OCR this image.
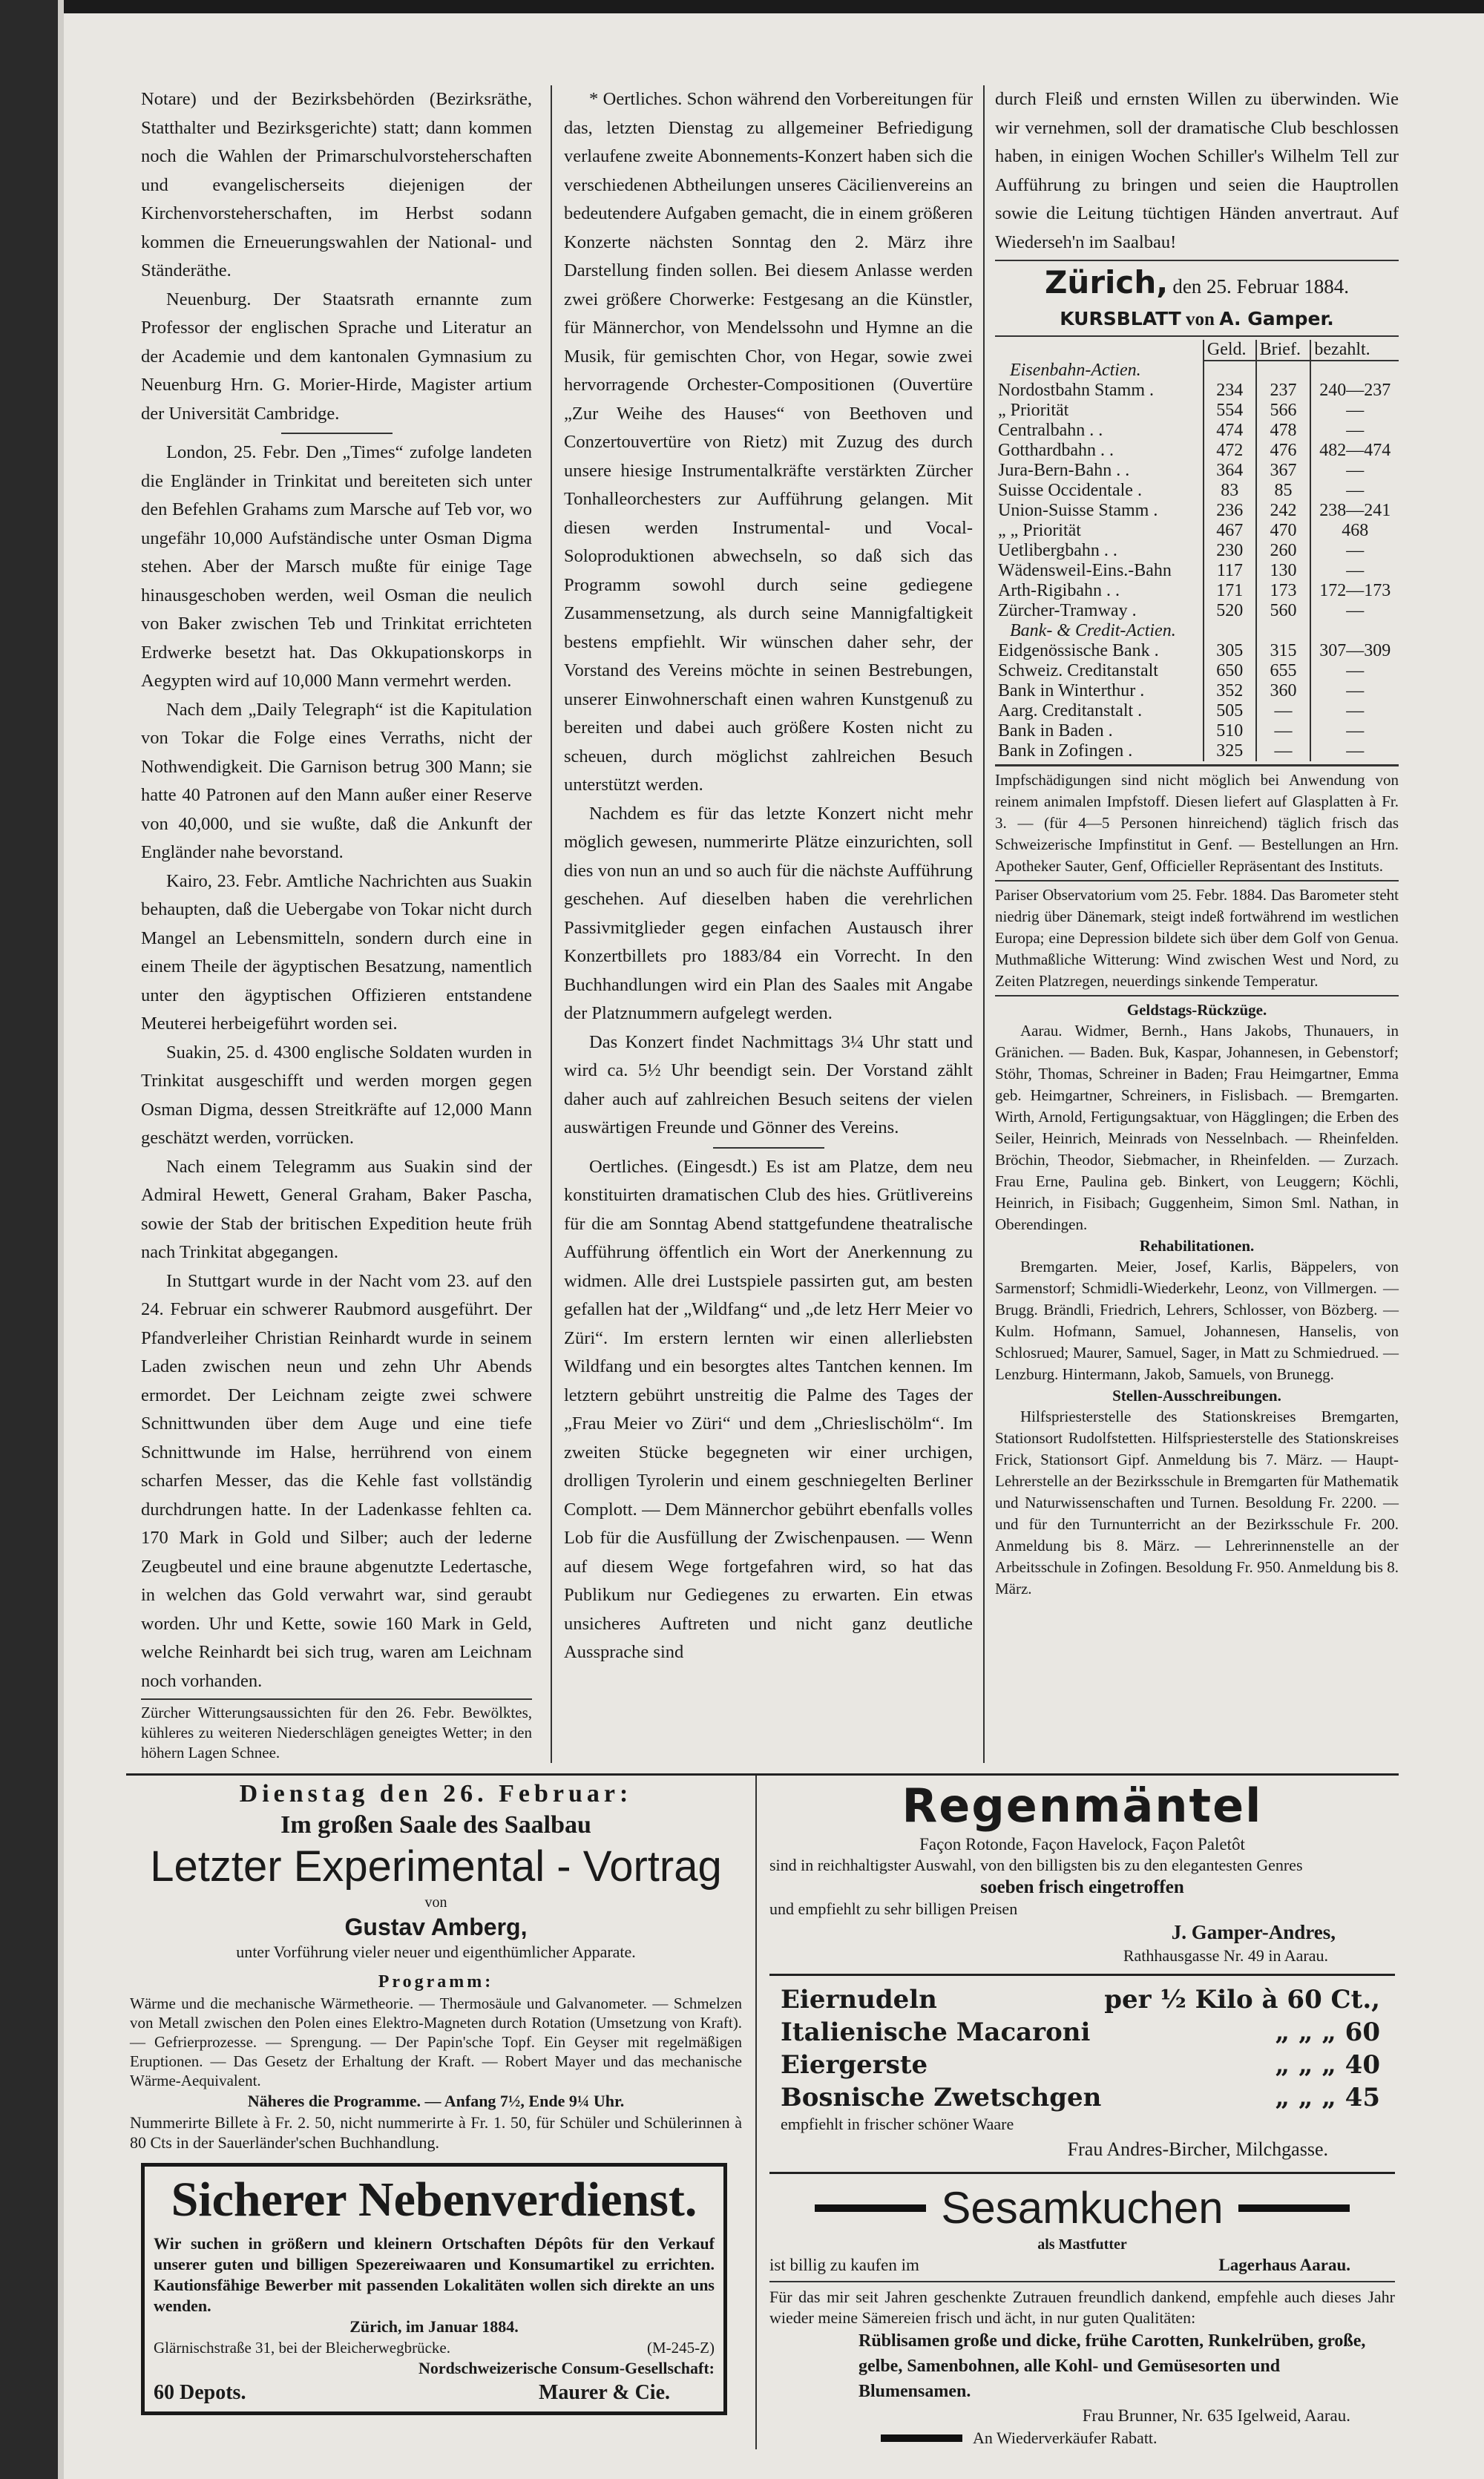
Notare) und der Bezirksbehörden (Bezirksräthe, Statthalter und Bezirksgerichte) statt; dann kommen noch die Wahlen der Primarschulvorsteherschaften und evangelischerseits diejenigen der Kirchenvorsteherschaften, im Herbst sodann kommen die Erneuerungswahlen der National- und Ständeräthe.

Neuenburg. Der Staatsrath ernannte zum Professor der englischen Sprache und Literatur an der Academie und dem kantonalen Gymnasium zu Neuenburg Hrn. G. Morier-Hirde, Magister artium der Universität Cambridge.

London, 25. Febr. Den „Times“ zufolge landeten die Engländer in Trinkitat und bereiteten sich unter den Befehlen Grahams zum Marsche auf Teb vor, wo ungefähr 10,000 Aufständische unter Osman Digma stehen. Aber der Marsch mußte für einige Tage hinausgeschoben werden, weil Osman die neulich von Baker zwischen Teb und Trinkitat errichteten Erdwerke besetzt hat. Das Okkupationskorps in Aegypten wird auf 10,000 Mann vermehrt werden.

Nach dem „Daily Telegraph“ ist die Kapitulation von Tokar die Folge eines Verraths, nicht der Nothwendigkeit. Die Garnison betrug 300 Mann; sie hatte 40 Patronen auf den Mann außer einer Reserve von 40,000, und sie wußte, daß die Ankunft der Engländer nahe bevorstand.

Kairo, 23. Febr. Amtliche Nachrichten aus Suakin behaupten, daß die Uebergabe von Tokar nicht durch Mangel an Lebensmitteln, sondern durch eine in einem Theile der ägyptischen Besatzung, namentlich unter den ägyptischen Offizieren entstandene Meuterei herbeigeführt worden sei.

Suakin, 25. d. 4300 englische Soldaten wurden in Trinkitat ausgeschifft und werden morgen gegen Osman Digma, dessen Streitkräfte auf 12,000 Mann geschätzt werden, vorrücken.

Nach einem Telegramm aus Suakin sind der Admiral Hewett, General Graham, Baker Pascha, sowie der Stab der britischen Expedition heute früh nach Trinkitat abgegangen.

In Stuttgart wurde in der Nacht vom 23. auf den 24. Februar ein schwerer Raubmord ausgeführt. Der Pfandverleiher Christian Reinhardt wurde in seinem Laden zwischen neun und zehn Uhr Abends ermordet. Der Leichnam zeigte zwei schwere Schnittwunden über dem Auge und eine tiefe Schnittwunde im Halse, herrührend von einem scharfen Messer, das die Kehle fast vollständig durchdrungen hatte. In der Ladenkasse fehlten ca. 170 Mark in Gold und Silber; auch der lederne Zeugbeutel und eine braune abgenutzte Ledertasche, in welchen das Gold verwahrt war, sind geraubt worden. Uhr und Kette, sowie 160 Mark in Geld, welche Reinhardt bei sich trug, waren am Leichnam noch vorhanden.

Zürcher Witterungsaussichten für den 26. Febr. Bewölktes, kühleres zu weiteren Niederschlägen geneigtes Wetter; in den höhern Lagen Schnee.

* Oertliches. Schon während den Vorbereitungen für das, letzten Dienstag zu allgemeiner Befriedigung verlaufene zweite Abonnements-Konzert haben sich die verschiedenen Abtheilungen unseres Cäcilienvereins an bedeutendere Aufgaben gemacht, die in einem größeren Konzerte nächsten Sonntag den 2. März ihre Darstellung finden sollen. Bei diesem Anlasse werden zwei größere Chorwerke: Festgesang an die Künstler, für Männerchor, von Mendelssohn und Hymne an die Musik, für gemischten Chor, von Hegar, sowie zwei hervorragende Orchester-Compositionen (Ouvertüre „Zur Weihe des Hauses“ von Beethoven und Conzertouvertüre von Rietz) mit Zuzug des durch unsere hiesige Instrumentalkräfte verstärkten Zürcher Tonhalleorchesters zur Aufführung gelangen. Mit diesen werden Instrumental- und Vocal-Soloproduktionen abwechseln, so daß sich das Programm sowohl durch seine gediegene Zusammensetzung, als durch seine Mannigfaltigkeit bestens empfiehlt. Wir wünschen daher sehr, der Vorstand des Vereins möchte in seinen Bestrebungen, unserer Einwohnerschaft einen wahren Kunstgenuß zu bereiten und dabei auch größere Kosten nicht zu scheuen, durch möglichst zahlreichen Besuch unterstützt werden.

Nachdem es für das letzte Konzert nicht mehr möglich gewesen, nummerirte Plätze einzurichten, soll dies von nun an und so auch für die nächste Aufführung geschehen. Auf dieselben haben die verehrlichen Passivmitglieder gegen einfachen Austausch ihrer Konzertbillets pro 1883/84 ein Vorrecht. In den Buchhandlungen wird ein Plan des Saales mit Angabe der Platznummern aufgelegt werden.

Das Konzert findet Nachmittags 3¼ Uhr statt und wird ca. 5½ Uhr beendigt sein. Der Vorstand zählt daher auch auf zahlreichen Besuch seitens der vielen auswärtigen Freunde und Gönner des Vereins.

Oertliches. (Eingesdt.) Es ist am Platze, dem neu konstituirten dramatischen Club des hies. Grütlivereins für die am Sonntag Abend stattgefundene theatralische Aufführung öffentlich ein Wort der Anerkennung zu widmen. Alle drei Lustspiele passirten gut, am besten gefallen hat der „Wildfang“ und „de letz Herr Meier vo Züri“. Im erstern lernten wir einen allerliebsten Wildfang und ein besorgtes altes Tantchen kennen. Im letztern gebührt unstreitig die Palme des Tages der „Frau Meier vo Züri“ und dem „Chrieslischölm“. Im zweiten Stücke begegneten wir einer urchigen, drolligen Tyrolerin und einem geschniegelten Berliner Complott. — Dem Männerchor gebührt ebenfalls volles Lob für die Ausfüllung der Zwischenpausen. — Wenn auf diesem Wege fortgefahren wird, so hat das Publikum nur Gediegenes zu erwarten. Ein etwas unsicheres Auftreten und nicht ganz deutliche Aussprache sind

durch Fleiß und ernsten Willen zu überwinden. Wie wir vernehmen, soll der dramatische Club beschlossen haben, in einigen Wochen Schiller's Wilhelm Tell zur Aufführung zu bringen und seien die Hauptrollen sowie die Leitung tüchtigen Händen anvertraut. Auf Wiederseh'n im Saalbau!

Zürich, den 25. Februar 1884.
KURSBLATT von A. Gamper.
	Geld.	Brief.	bezahlt.
Eisenbahn-Actien.			
Nordostbahn Stamm .	234	237	240—237
„ Priorität	554	566	—
Centralbahn . .	474	478	—
Gotthardbahn . .	472	476	482—474
Jura-Bern-Bahn . .	364	367	—
Suisse Occidentale .	83	85	—
Union-Suisse Stamm .	236	242	238—241
„ „ Priorität	467	470	468
Uetlibergbahn . .	230	260	—
Wädensweil-Eins.-Bahn	117	130	—
Arth-Rigibahn . .	171	173	172—173
Zürcher-Tramway .	520	560	—
Bank- & Credit-Actien.			
Eidgenössische Bank .	305	315	307—309
Schweiz. Creditanstalt	650	655	—
Bank in Winterthur .	352	360	—
Aarg. Creditanstalt .	505	—	—
Bank in Baden .	510	—	—
Bank in Zofingen .	325	—	—

Impfschädigungen sind nicht möglich bei Anwendung von reinem animalen Impfstoff. Diesen liefert auf Glasplatten à Fr. 3. — (für 4—5 Personen hinreichend) täglich frisch das Schweizerische Impfinstitut in Genf. — Bestellungen an Hrn. Apotheker Sauter, Genf, Officieller Repräsentant des Instituts.

Pariser Observatorium vom 25. Febr. 1884. Das Barometer steht niedrig über Dänemark, steigt indeß fortwährend im westlichen Europa; eine Depression bildete sich über dem Golf von Genua. Muthmaßliche Witterung: Wind zwischen West und Nord, zu Zeiten Platzregen, neuerdings sinkende Temperatur.

Geldstags-Rückzüge.

Aarau. Widmer, Bernh., Hans Jakobs, Thunauers, in Gränichen. — Baden. Buk, Kaspar, Johannesen, in Gebenstorf; Stöhr, Thomas, Schreiner in Baden; Frau Heimgartner, Emma geb. Heimgartner, Schreiners, in Fislisbach. — Bremgarten. Wirth, Arnold, Fertigungsaktuar, von Hägglingen; die Erben des Seiler, Heinrich, Meinrads von Nesselnbach. — Rheinfelden. Bröchin, Theodor, Siebmacher, in Rheinfelden. — Zurzach. Frau Erne, Paulina geb. Binkert, von Leuggern; Köchli, Heinrich, in Fisibach; Guggenheim, Simon Sml. Nathan, in Oberendingen.

Rehabilitationen.

Bremgarten. Meier, Josef, Karlis, Bäppelers, von Sarmenstorf; Schmidli-Wiederkehr, Leonz, von Villmergen. — Brugg. Brändli, Friedrich, Lehrers, Schlosser, von Bözberg. — Kulm. Hofmann, Samuel, Johannesen, Hanselis, von Schlosrued; Maurer, Samuel, Sager, in Matt zu Schmiedrued. — Lenzburg. Hintermann, Jakob, Samuels, von Brunegg.

Stellen-Ausschreibungen.

Hilfspriesterstelle des Stationskreises Bremgarten, Stationsort Rudolfstetten. Hilfspriesterstelle des Stationskreises Frick, Stationsort Gipf. Anmeldung bis 7. März. — Haupt-Lehrerstelle an der Bezirksschule in Bremgarten für Mathematik und Naturwissenschaften und Turnen. Besoldung Fr. 2200. — und für den Turnunterricht an der Bezirksschule Fr. 200. Anmeldung bis 8. März. — Lehrerinnenstelle an der Arbeitsschule in Zofingen. Besoldung Fr. 950. Anmeldung bis 8. März.

Dienstag den 26. Februar:
Im großen Saale des Saalbau
Letzter Experimental - Vortrag
von
Gustav Amberg,
unter Vorführung vieler neuer und eigenthümlicher Apparate.
Programm:
Wärme und die mechanische Wärmetheorie. — Thermosäule und Galvanometer. — Schmelzen von Metall zwischen den Polen eines Elektro-Magneten durch Rotation (Umsetzung von Kraft). — Gefrierprozesse. — Sprengung. — Der Papin'sche Topf. Ein Geyser mit regelmäßigen Eruptionen. — Das Gesetz der Erhaltung der Kraft. — Robert Mayer und das mechanische Wärme-Aequivalent.
Näheres die Programme. — Anfang 7½, Ende 9¼ Uhr.
Nummerirte Billete à Fr. 2. 50, nicht nummerirte à Fr. 1. 50, für Schüler und Schülerinnen à 80 Cts in der Sauerländer'schen Buchhandlung.
Sicherer Nebenverdienst.
Wir suchen in größern und kleinern Ortschaften Dépôts für den Verkauf unserer guten und billigen Spezereiwaaren und Konsumartikel zu errichten. Kautionsfähige Bewerber mit passenden Lokalitäten wollen sich direkte an uns wenden.
Zürich, im Januar 1884.
Glärnischstraße 31, bei der Bleicherwegbrücke.	(M-245-Z)
Nordschweizerische Consum-Gesellschaft:
60 Depots.	Maurer & Cie.
Regenmäntel
Façon Rotonde, Façon Havelock, Façon Paletôt
sind in reichhaltigster Auswahl, von den billigsten bis zu den elegantesten Genres
soeben frisch eingetroffen
und empfiehlt zu sehr billigen Preisen
J. Gamper-Andres,
Rathhausgasse Nr. 49 in Aarau.
Eiernudeln	per ½ Kilo à 60 Ct.,
Italienische Macaroni	„ „ „ 60
Eiergerste	„ „ „ 40
Bosnische Zwetschgen	„ „ „ 45
empfiehlt in frischer schöner Waare
Frau Andres-Bircher, Milchgasse.
Sesamkuchen
als Mastfutter
ist billig zu kaufen im	Lagerhaus Aarau.
Für das mir seit Jahren geschenkte Zutrauen freundlich dankend, empfehle auch dieses Jahr wieder meine Sämereien frisch und ächt, in nur guten Qualitäten:
Rüblisamen große und dicke, frühe Carotten, Runkelrüben, große, gelbe, Samenbohnen, alle Kohl- und Gemüsesorten und Blumensamen.
Frau Brunner, Nr. 635 Igelweid, Aarau.
An Wiederverkäufer Rabatt.
